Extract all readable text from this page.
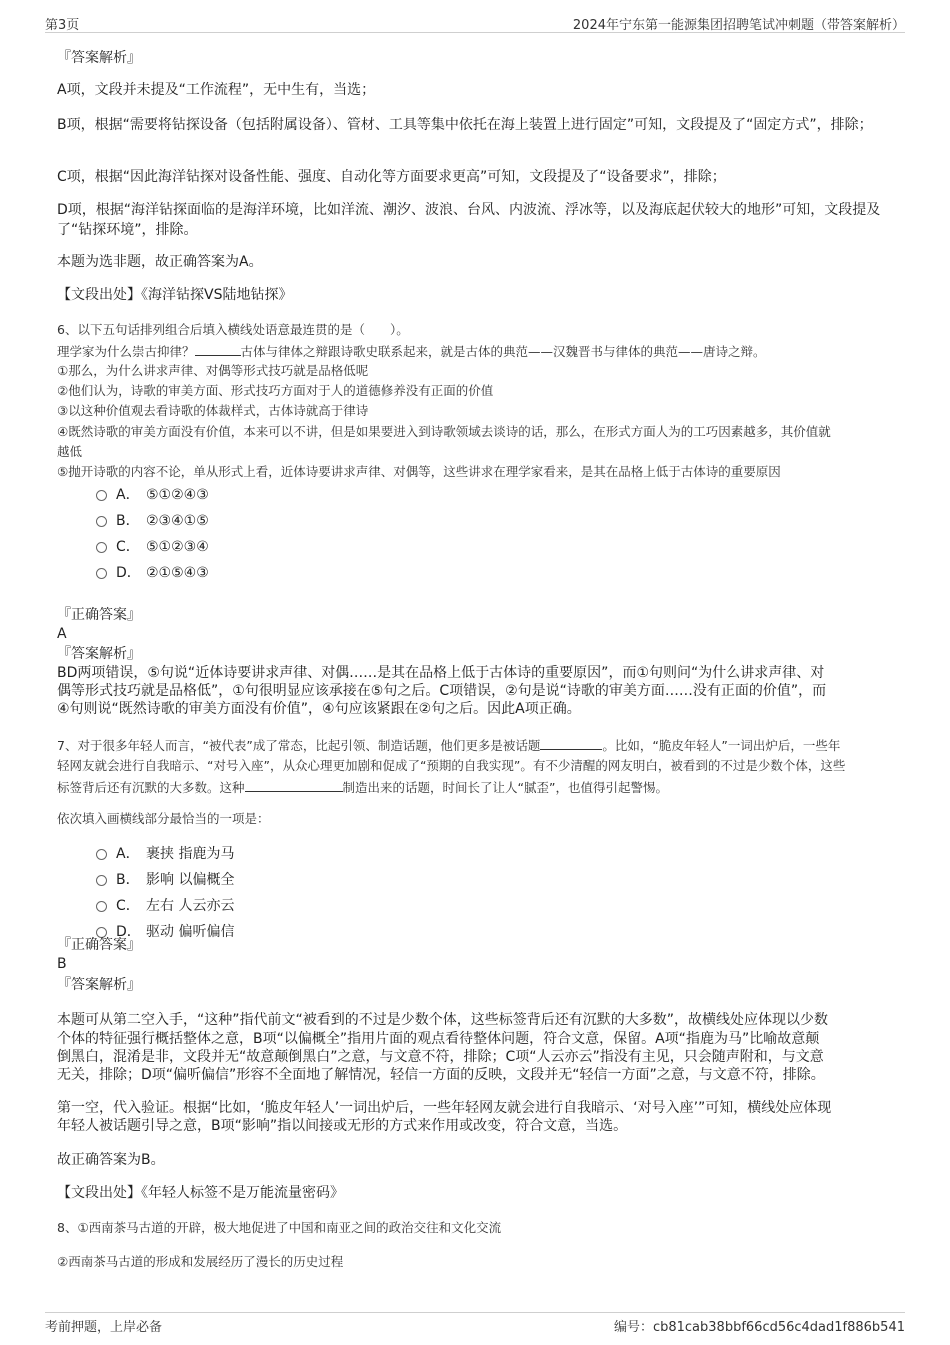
第3页	2024年宁东第一能源集团招聘笔试冲刺题（带答案解析）
『答案解析』
A项，文段并未提及“工作流程”，无中生有，当选；
B项，根据“需要将钻探设备（包括附属设备）、管材、工具等集中依托在海上装置上进行固定”可知，文段提及了“固定方式”，排除；
C项，根据“因此海洋钻探对设备性能、强度、自动化等方面要求更高”可知，文段提及了“设备要求”，排除；
D项，根据“海洋钻探面临的是海洋环境，比如洋流、潮汐、波浪、台风、内波流、浮冰等，以及海底起伏较大的地形”可知，文段提及了“钻探环境”，排除。
本题为选非题，故正确答案为A。
【文段出处】《海洋钻探VS陆地钻探》
6、以下五句话排列组合后填入横线处语意最连贯的是（　　）。
理学家为什么崇古抑律？	古体与律体之辩跟诗歌史联系起来，就是古体的典范——汉魏晋书与律体的典范——唐诗之辩。
①那么，为什么讲求声律、对偶等形式技巧就是品格低呢
②他们认为，诗歌的审美方面、形式技巧方面对于人的道德修养没有正面的价值
③以这种价值观去看诗歌的体裁样式，古体诗就高于律诗
④既然诗歌的审美方面没有价值，本来可以不讲，但是如果要进入到诗歌领域去谈诗的话，那么，在形式方面人为的工巧因素越多，其价值就
越低
⑤抛开诗歌的内容不论，单从形式上看，近体诗要讲求声律、对偶等，这些讲求在理学家看来，是其在品格上低于古体诗的重要原因
A． ⑤①②④③
B． ②③④①⑤
C． ⑤①②③④
D． ②①⑤④③
『正确答案』
A
『答案解析』
BD两项错误，⑤句说“近体诗要讲求声律、对偶……是其在品格上低于古体诗的重要原因”，而①句则问“为什么讲求声律、对
偶等形式技巧就是品格低”，①句很明显应该承接在⑤句之后。C项错误，②句是说“诗歌的审美方面……没有正面的价值”，而
④句则说“既然诗歌的审美方面没有价值”，④句应该紧跟在②句之后。因此A项正确。
7、对于很多年轻人而言，“被代表”成了常态，比起引领、制造话题，他们更多是被话题	。比如，“脆皮年轻人”一词出炉后，一些年
轻网友就会进行自我暗示、“对号入座”，从众心理更加剧和促成了“预期的自我实现”。有不少清醒的网友明白，被看到的不过是少数个体，这些
标签背后还有沉默的大多数。这种	制造出来的话题，时间长了让人“腻歪”，也值得引起警惕。
依次填入画横线部分最恰当的一项是：
A． 裹挟 指鹿为马
B． 影响 以偏概全
C． 左右 人云亦云
D． 驱动 偏听偏信
『正确答案』
B
『答案解析』
本题可从第二空入手，“这种”指代前文“被看到的不过是少数个体，这些标签背后还有沉默的大多数”，故横线处应体现以少数
个体的特征强行概括整体之意，B项“以偏概全”指用片面的观点看待整体问题，符合文意，保留。A项“指鹿为马”比喻故意颠
倒黑白，混淆是非，文段并无“故意颠倒黑白”之意，与文意不符，排除；C项“人云亦云”指没有主见，只会随声附和，与文意
无关，排除；D项“偏听偏信”形容不全面地了解情况，轻信一方面的反映，文段并无“轻信一方面”之意，与文意不符，排除。
第一空，代入验证。根据“比如，‘脆皮年轻人’一词出炉后，一些年轻网友就会进行自我暗示、‘对号入座’”可知，横线处应体现
年轻人被话题引导之意，B项“影响”指以间接或无形的方式来作用或改变，符合文意，当选。
故正确答案为B。
【文段出处】《年轻人标签不是万能流量密码》
8、①西南茶马古道的开辟，极大地促进了中国和南亚之间的政治交往和文化交流
②西南茶马古道的形成和发展经历了漫长的历史过程
考前押题，上岸必备	编号：cb81cab38bbf66cd56c4dad1f886b541
